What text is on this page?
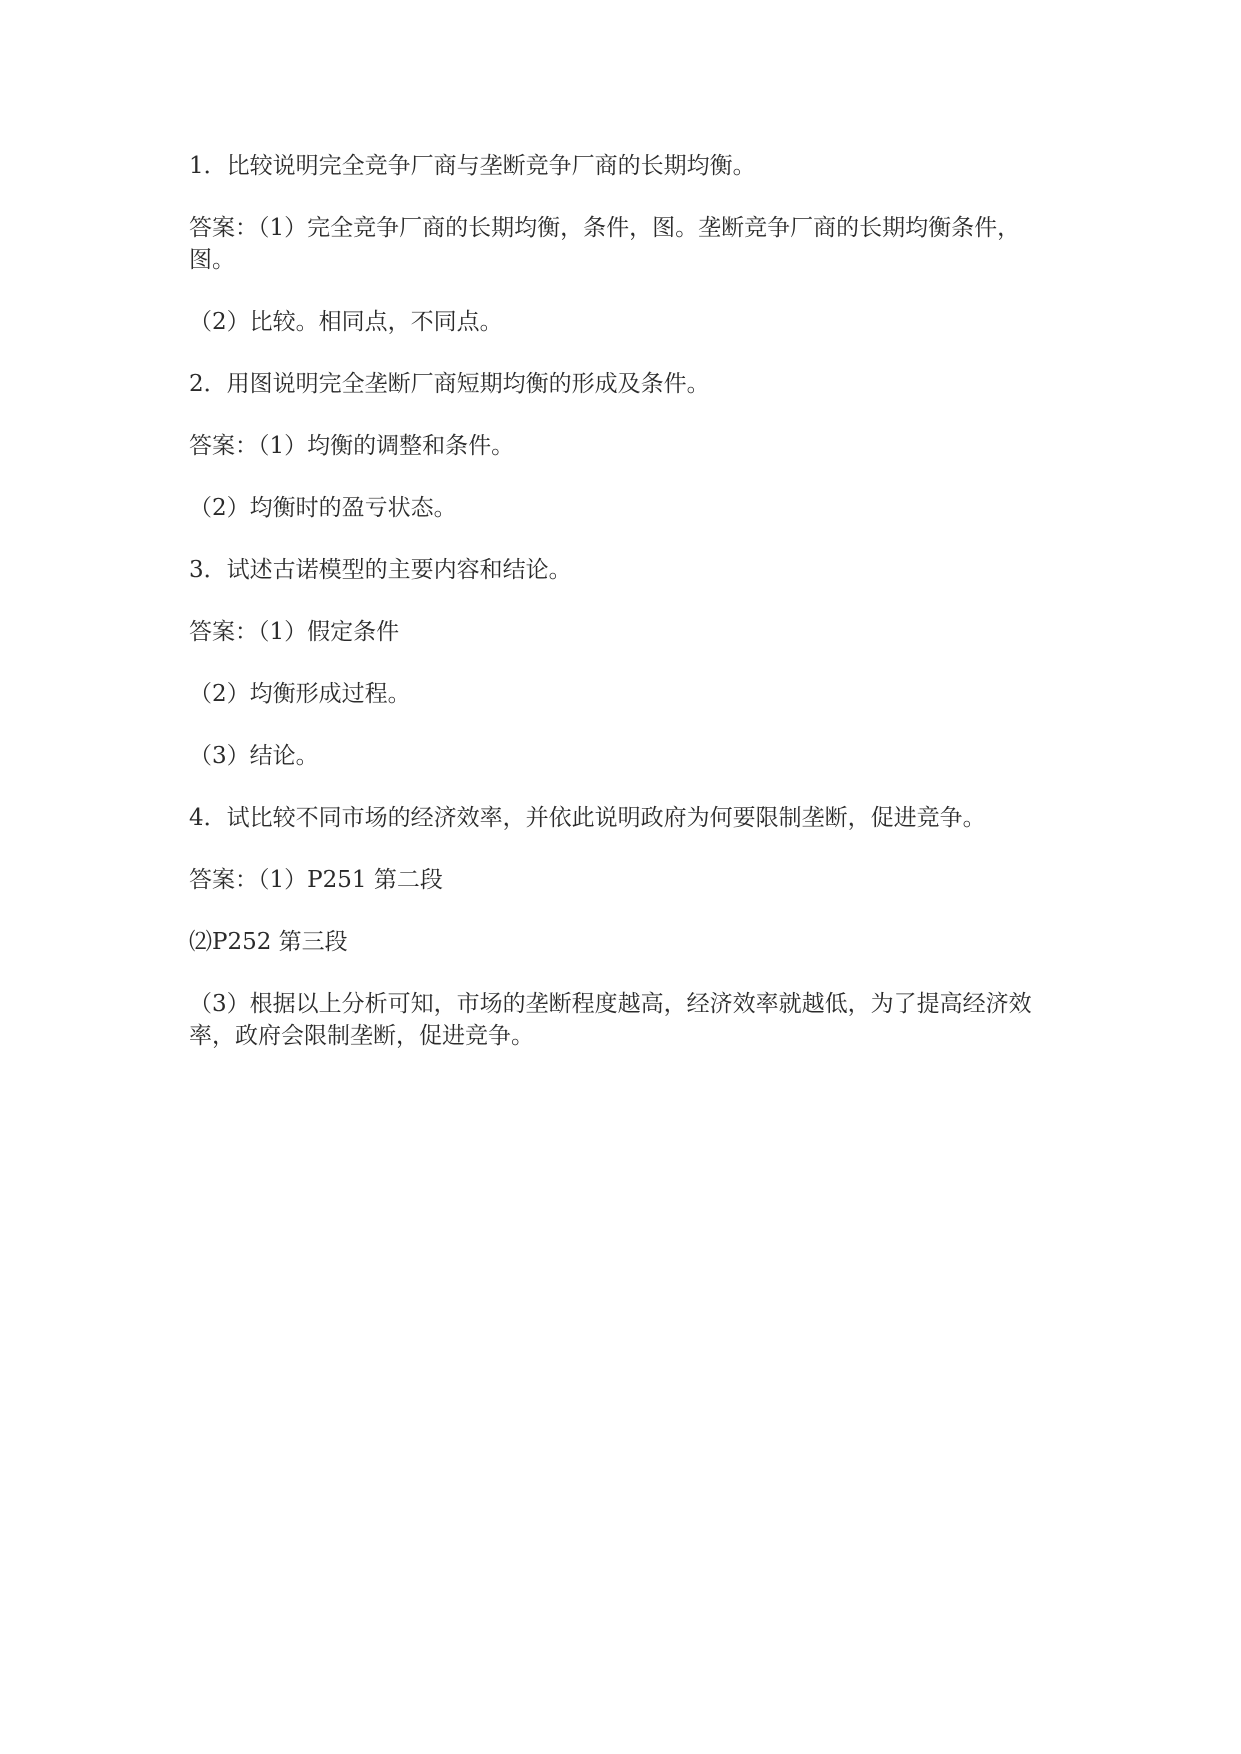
1．比较说明完全竞争厂商与垄断竞争厂商的长期均衡。

答案：（1）完全竞争厂商的长期均衡，条件，图。垄断竞争厂商的长期均衡条件，图。

（2）比较。相同点，不同点。

2．用图说明完全垄断厂商短期均衡的形成及条件。

答案：（1）均衡的调整和条件。

（2）均衡时的盈亏状态。

3．试述古诺模型的主要内容和结论。

答案：（1）假定条件

（2）均衡形成过程。

（3）结论。

4．试比较不同市场的经济效率，并依此说明政府为何要限制垄断，促进竞争。

答案：（1）P251 第二段

⑵P252 第三段

（3）根据以上分析可知，市场的垄断程度越高，经济效率就越低，为了提高经济效率，政府会限制垄断，促进竞争。
